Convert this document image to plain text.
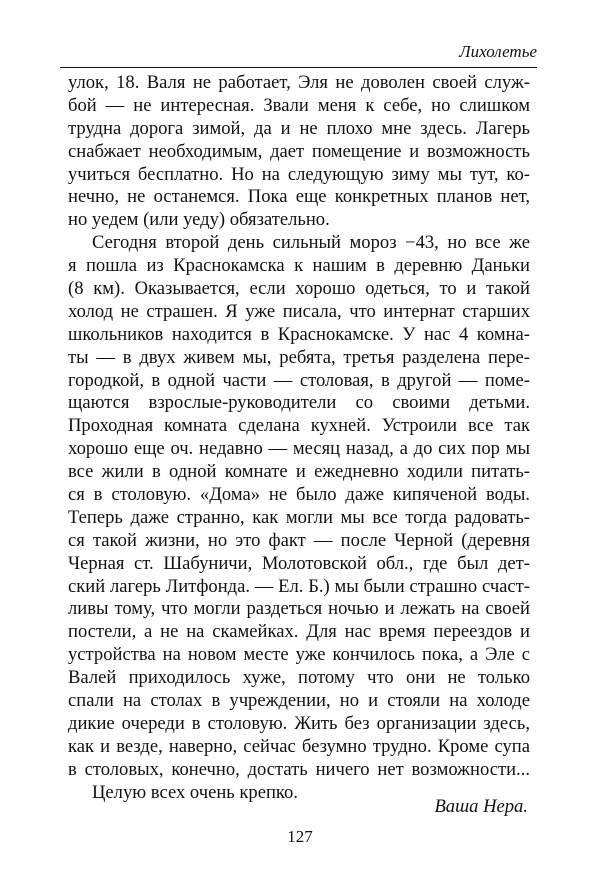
Лихолетье
улок, 18. Валя не работает, Эля не доволен своей служ-
бой — не интересная. Звали меня к себе, но слишком
трудна дорога зимой, да и не плохо мне здесь. Лагерь
снабжает необходимым, дает помещение и возможность
учиться бесплатно. Но на следующую зиму мы тут, ко-
нечно, не останемся. Пока еще конкретных планов нет,
но уедем (или уеду) обязательно.
Сегодня второй день сильный мороз −43, но все же
я пошла из Краснокамска к нашим в деревню Даньки
(8 км). Оказывается, если хорошо одеться, то и такой
холод не страшен. Я уже писала, что интернат старших
школьников находится в Краснокамске. У нас 4 комна-
ты — в двух живем мы, ребята, третья разделена пере-
городкой, в одной части — столовая, в другой — поме-
щаются взрослые-руководители со своими детьми.
Проходная комната сделана кухней. Устроили все так
хорошо еще оч. недавно — месяц назад, а до сих пор мы
все жили в одной комнате и ежедневно ходили питать-
ся в столовую. «Дома» не было даже кипяченой воды.
Теперь даже странно, как могли мы все тогда радовать-
ся такой жизни, но это факт — после Черной (деревня
Черная ст. Шабуничи, Молотовской обл., где был дет-
ский лагерь Литфонда. — Ел. Б.) мы были страшно счаст-
ливы тому, что могли раздеться ночью и лежать на своей
постели, а не на скамейках. Для нас время переездов и
устройства на новом месте уже кончилось пока, а Эле с
Валей приходилось хуже, потому что они не только
спали на столах в учреждении, но и стояли на холоде
дикие очереди в столовую. Жить без организации здесь,
как и везде, наверно, сейчас безумно трудно. Кроме супа
в столовых, конечно, достать ничего нет возможности...
Целую всех очень крепко.
Ваша Нера.
127
